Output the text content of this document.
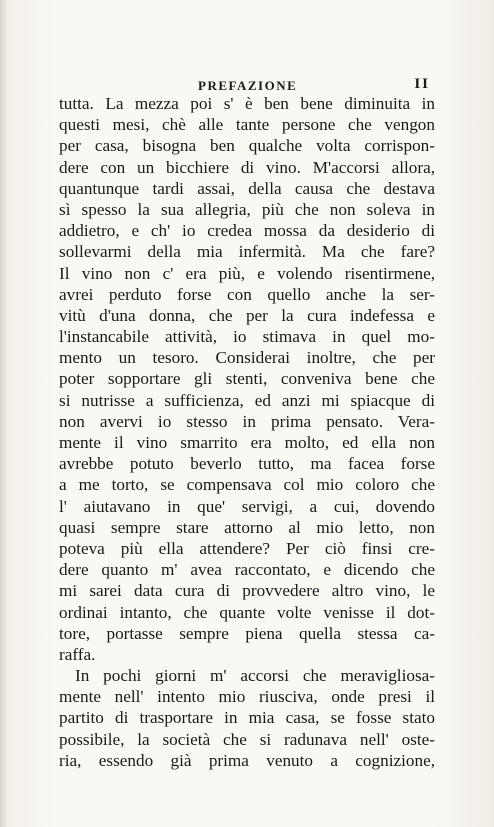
PREFAZIONE	II
tutta. La mezza poi s' è ben bene diminuita in
questi mesi, chè alle tante persone che vengon
per casa, bisogna ben qualche volta corrispon-
dere con un bicchiere di vino. M'accorsi allora,
quantunque tardi assai, della causa che destava
sì spesso la sua allegria, più che non soleva in
addietro, e ch' io credea mossa da desiderio di
sollevarmi della mia infermità. Ma che fare?
Il vino non c' era più, e volendo risentirmene,
avrei perduto forse con quello anche la ser-
vitù d'una donna, che per la cura indefessa e
l'instancabile attività, io stimava in quel mo-
mento un tesoro. Considerai inoltre, che per
poter sopportare gli stenti, conveniva bene che
si nutrisse a sufficienza, ed anzi mi spiacque di
non avervi io stesso in prima pensato. Vera-
mente il vino smarrito era molto, ed ella non
avrebbe potuto beverlo tutto, ma facea forse
a me torto, se compensava col mio coloro che
l' aiutavano in que' servigi, a cui, dovendo
quasi sempre stare attorno al mio letto, non
poteva più ella attendere? Per ciò finsi cre-
dere quanto m' avea raccontato, e dicendo che
mi sarei data cura di provvedere altro vino, le
ordinai intanto, che quante volte venisse il dot-
tore, portasse sempre piena quella stessa ca-
raffa.
In pochi giorni m' accorsi che meravigliosa-
mente nell' intento mio riusciva, onde presi il
partito di trasportare in mia casa, se fosse stato
possibile, la società che si radunava nell' oste-
ria, essendo già prima venuto a cognizione,
